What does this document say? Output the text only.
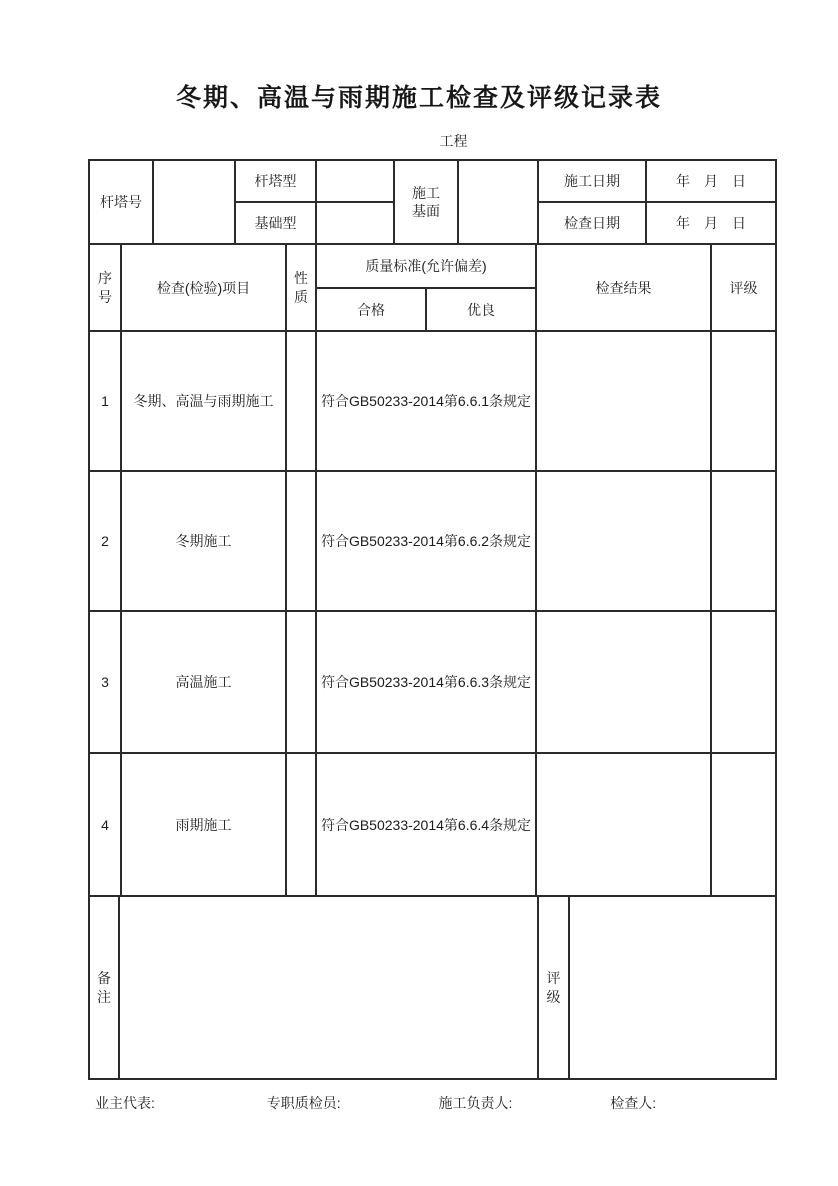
冬期、高温与雨期施工检查及评级记录表
工程
杆塔号		杆塔型		施工基面		施工日期	年　月　日
		基础型				检查日期	年　月　日
序号	检查(检验)项目	性质	质量标准(允许偏差)		检查结果	评级
			合格	优良		
1	冬期、高温与雨期施工		符合GB50233-2014第6.6.1条规定			
2	冬期施工		符合GB50233-2014第6.6.2条规定			
3	高温施工		符合GB50233-2014第6.6.3条规定			
4	雨期施工		符合GB50233-2014第6.6.4条规定			
备注		评级	
业主代表:	专职质检员:	施工负责人:	检查人:
